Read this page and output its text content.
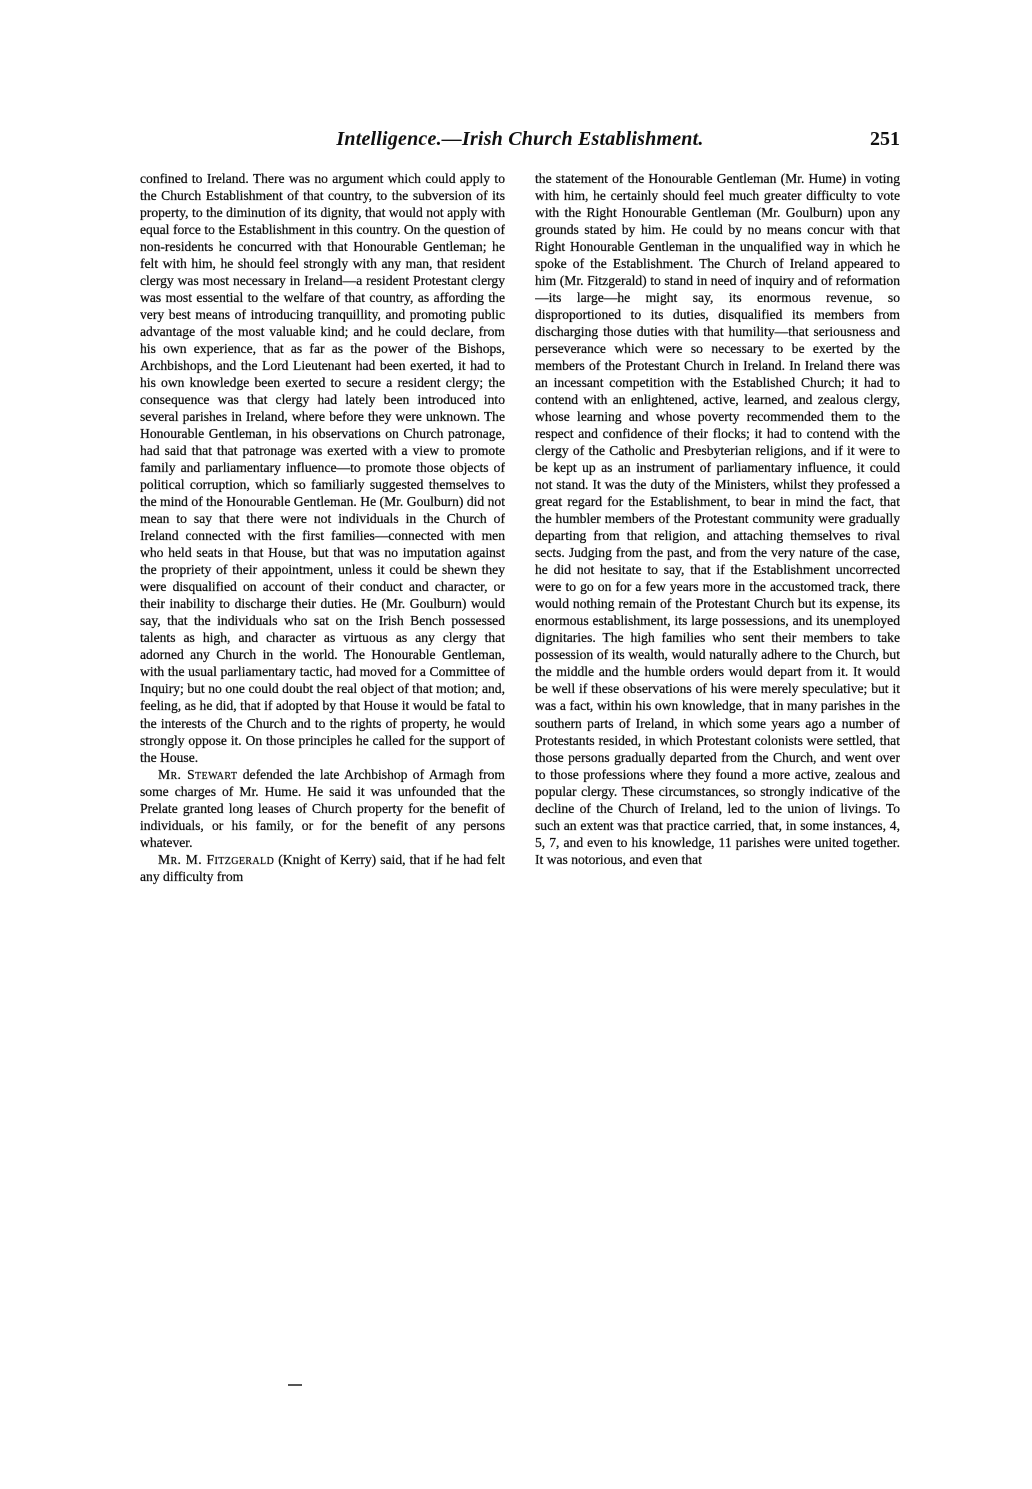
Intelligence.—Irish Church Establishment.	251

confined to Ireland. There was no argument which could apply to the Church Establishment of that country, to the subversion of its property, to the diminution of its dignity, that would not apply with equal force to the Establishment in this country. On the question of non-residents he concurred with that Honourable Gentleman; he felt with him, he should feel strongly with any man, that resident clergy was most necessary in Ireland—a resident Protestant clergy was most essential to the welfare of that country, as affording the very best means of introducing tranquillity, and promoting public advantage of the most valuable kind; and he could declare, from his own experience, that as far as the power of the Bishops, Archbishops, and the Lord Lieutenant had been exerted, it had to his own knowledge been exerted to secure a resident clergy; the consequence was that clergy had lately been introduced into several parishes in Ireland, where before they were unknown. The Honourable Gentleman, in his observations on Church patronage, had said that that patronage was exerted with a view to promote family and parliamentary influence—to promote those objects of political corruption, which so familiarly suggested themselves to the mind of the Honourable Gentleman. He (Mr. Goulburn) did not mean to say that there were not individuals in the Church of Ireland connected with the first families—connected with men who held seats in that House, but that was no imputation against the propriety of their appointment, unless it could be shewn they were disqualified on account of their conduct and character, or their inability to discharge their duties. He (Mr. Goulburn) would say, that the individuals who sat on the Irish Bench possessed talents as high, and character as virtuous as any clergy that adorned any Church in the world. The Honourable Gentleman, with the usual parliamentary tactic, had moved for a Committee of Inquiry; but no one could doubt the real object of that motion; and, feeling, as he did, that if adopted by that House it would be fatal to the interests of the Church and to the rights of property, he would strongly oppose it. On those principles he called for the support of the House.

Mr. Stewart defended the late Archbishop of Armagh from some charges of Mr. Hume. He said it was unfounded that the Prelate granted long leases of Church property for the benefit of individuals, or his family, or for the benefit of any persons whatever.

Mr. M. Fitzgerald (Knight of Kerry) said, that if he had felt any difficulty from

the statement of the Honourable Gentleman (Mr. Hume) in voting with him, he certainly should feel much greater difficulty to vote with the Right Honourable Gentleman (Mr. Goulburn) upon any grounds stated by him. He could by no means concur with that Right Honourable Gentleman in the unqualified way in which he spoke of the Establishment. The Church of Ireland appeared to him (Mr. Fitzgerald) to stand in need of inquiry and of reformation—its large—he might say, its enormous revenue, so disproportioned to its duties, disqualified its members from discharging those duties with that humility—that seriousness and perseverance which were so necessary to be exerted by the members of the Protestant Church in Ireland. In Ireland there was an incessant competition with the Established Church; it had to contend with an enlightened, active, learned, and zealous clergy, whose learning and whose poverty recommended them to the respect and confidence of their flocks; it had to contend with the clergy of the Catholic and Presbyterian religions, and if it were to be kept up as an instrument of parliamentary influence, it could not stand. It was the duty of the Ministers, whilst they professed a great regard for the Establishment, to bear in mind the fact, that the humbler members of the Protestant community were gradually departing from that religion, and attaching themselves to rival sects. Judging from the past, and from the very nature of the case, he did not hesitate to say, that if the Establishment uncorrected were to go on for a few years more in the accustomed track, there would nothing remain of the Protestant Church but its expense, its enormous establishment, its large possessions, and its unemployed dignitaries. The high families who sent their members to take possession of its wealth, would naturally adhere to the Church, but the middle and the humble orders would depart from it. It would be well if these observations of his were merely speculative; but it was a fact, within his own knowledge, that in many parishes in the southern parts of Ireland, in which some years ago a number of Protestants resided, in which Protestant colonists were settled, that those persons gradually departed from the Church, and went over to those professions where they found a more active, zealous and popular clergy. These circumstances, so strongly indicative of the decline of the Church of Ireland, led to the union of livings. To such an extent was that practice carried, that, in some instances, 4, 5, 7, and even to his knowledge, 11 parishes were united together. It was notorious, and even that
